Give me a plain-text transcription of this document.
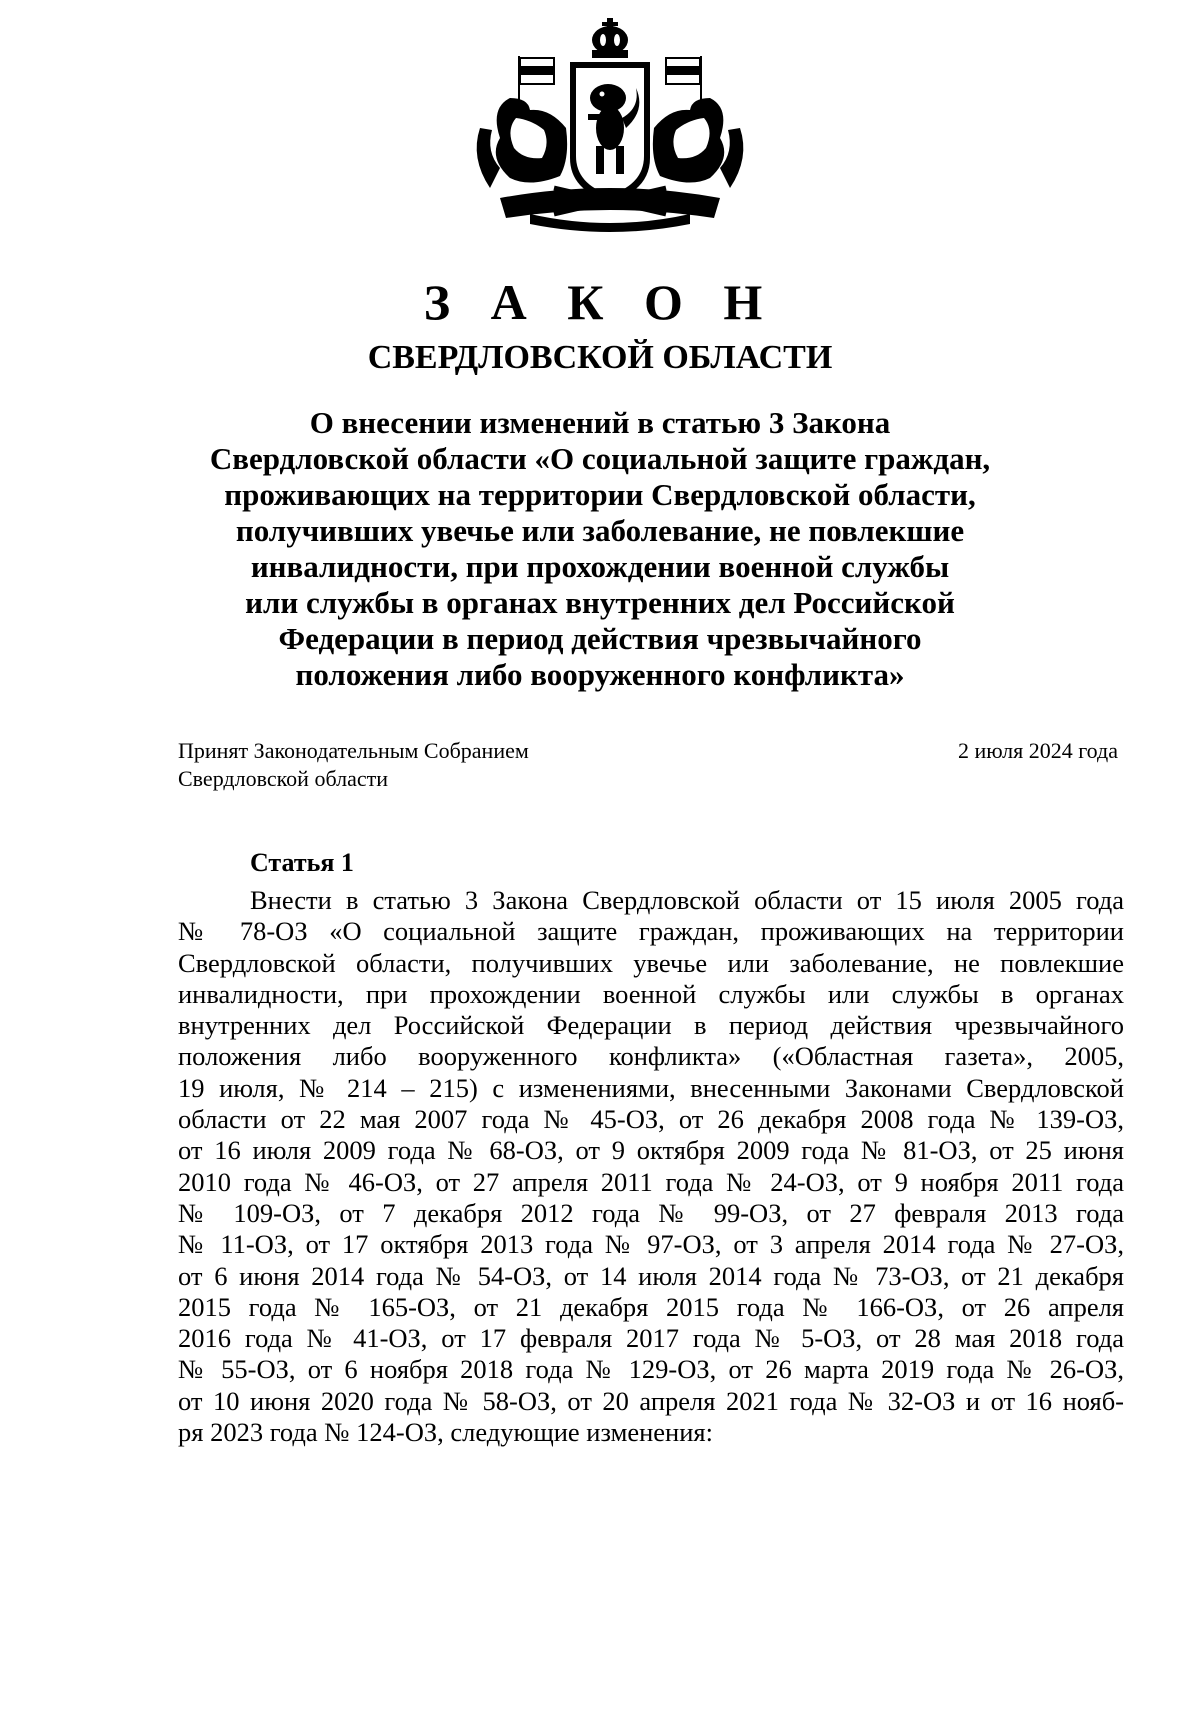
З А К О Н
СВЕРДЛОВСКОЙ ОБЛАСТИ
О внесении изменений в статью 3 Закона
Свердловской области «О социальной защите граждан,
проживающих на территории Свердловской области,
получивших увечье или заболевание, не повлекшие
инвалидности, при прохождении военной службы
или службы в органах внутренних дел Российской
Федерации в период действия чрезвычайного
положения либо вооруженного конфликта»
Принят Законодательным Собранием
Свердловской области
2 июля 2024 года
Статья 1
Внести в статью 3 Закона Свердловской области от 15 июля 2005 года
№ 78-ОЗ «О социальной защите граждан, проживающих на территории
Свердловской области, получивших увечье или заболевание, не повлекшие
инвалидности, при прохождении военной службы или службы в органах
внутренних дел Российской Федерации в период действия чрезвычайного
положения либо вооруженного конфликта» («Областная газета», 2005,
19 июля, № 214 – 215) с изменениями, внесенными Законами Свердловской
области от 22 мая 2007 года № 45-ОЗ, от 26 декабря 2008 года № 139-ОЗ,
от 16 июля 2009 года № 68-ОЗ, от 9 октября 2009 года № 81-ОЗ, от 25 июня
2010 года № 46-ОЗ, от 27 апреля 2011 года № 24-ОЗ, от 9 ноября 2011 года
№ 109-ОЗ, от 7 декабря 2012 года № 99-ОЗ, от 27 февраля 2013 года
№ 11-ОЗ, от 17 октября 2013 года № 97-ОЗ, от 3 апреля 2014 года № 27-ОЗ,
от 6 июня 2014 года № 54-ОЗ, от 14 июля 2014 года № 73-ОЗ, от 21 декабря
2015 года № 165-ОЗ, от 21 декабря 2015 года № 166-ОЗ, от 26 апреля
2016 года № 41-ОЗ, от 17 февраля 2017 года № 5-ОЗ, от 28 мая 2018 года
№ 55-ОЗ, от 6 ноября 2018 года № 129-ОЗ, от 26 марта 2019 года № 26-ОЗ,
от 10 июня 2020 года № 58-ОЗ, от 20 апреля 2021 года № 32-ОЗ и от 16 нояб-
ря 2023 года № 124-ОЗ, следующие изменения:
